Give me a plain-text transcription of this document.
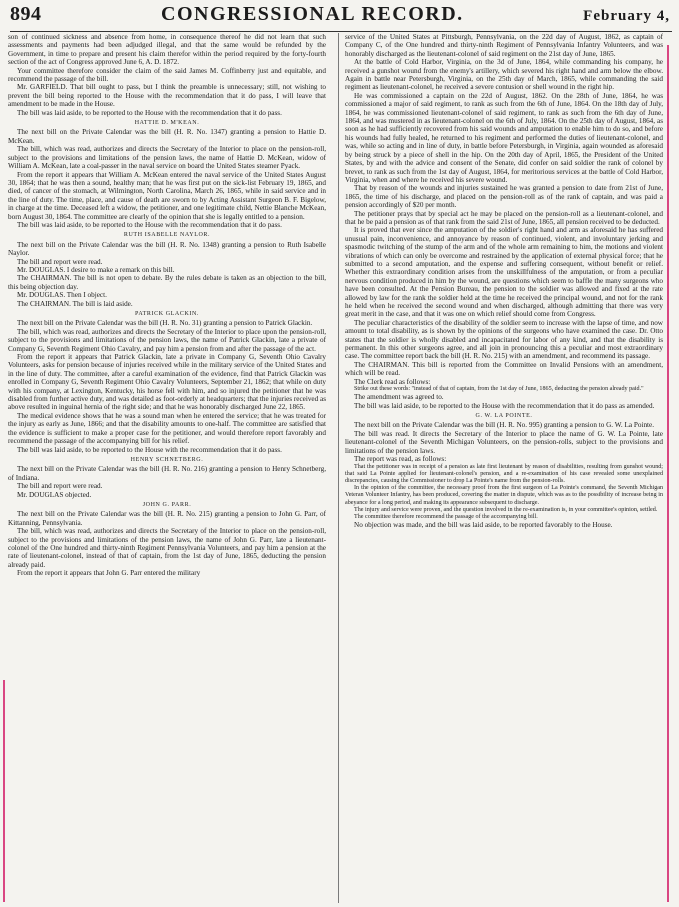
894	CONGRESSIONAL RECORD.	February 4,

son of continued sickness and absence from home, in consequence thereof he did not learn that such assessments and payments had been adjudged illegal, and that the same would be refunded by the Government, in time to prepare and present his claim therefor within the period required by the forty-fourth section of the act of Congress approved June 6, A. D. 1872.

Your committee therefore consider the claim of the said James M. Coffinberry just and equitable, and recommend the passage of the bill.

Mr. GARFIELD. That bill ought to pass, but I think the preamble is unnecessary; still, not wishing to prevent the bill being reported to the House with the recommendation that it do pass, I will leave that amendment to be made in the House.

The bill was laid aside, to be reported to the House with the recommendation that it do pass.

HATTIE D. M'KEAN.

The next bill on the Private Calendar was the bill (H. R. No. 1347) granting a pension to Hattie D. McKean.

The bill, which was read, authorizes and directs the Secretary of the Interior to place on the pension-roll, subject to the provisions and limitations of the pension laws, the name of Hattie D. McKean, widow of William A. McKean, late a coal-passer in the naval service on board the United States steamer Pyack.

From the report it appears that William A. McKean entered the naval service of the United States August 30, 1864; that he was then a sound, healthy man; that he was first put on the sick-list February 19, 1865, and died, of cancer of the stomach, at Wilmington, North Carolina, March 26, 1865, while in said service and in the line of duty. The time, place, and cause of death are sworn to by Acting Assistant Surgeon B. F. Bigelow, in charge at the time. Deceased left a widow, the petitioner, and one legitimate child, Nettie Blanche McKean, born August 30, 1864. The committee are clearly of the opinion that she is legally entitled to a pension.

The bill was laid aside, to be reported to the House with the recommendation that it do pass.

RUTH ISABELLE NAYLOR.

The next bill on the Private Calendar was the bill (H. R. No. 1348) granting a pension to Ruth Isabelle Naylor.

The bill and report were read.

Mr. DOUGLAS. I desire to make a remark on this bill.

The CHAIRMAN. The bill is not open to debate. By the rules debate is taken as an objection to the bill, this being objection day.

Mr. DOUGLAS. Then I object.

The CHAIRMAN. The bill is laid aside.

PATRICK GLACKIN.

The next bill on the Private Calendar was the bill (H. R. No. 31) granting a pension to Patrick Glackin.

The bill, which was read, authorizes and directs the Secretary of the Interior to place upon the pension-roll, subject to the provisions and limitations of the pension laws, the name of Patrick Glackin, late a private of Company G, Seventh Regiment Ohio Cavalry, and pay him a pension from and after the passage of the act.

From the report it appears that Patrick Glackin, late a private in Company G, Seventh Ohio Cavalry Volunteers, asks for pension because of injuries received while in the military service of the United States and in the line of duty. The committee, after a careful examination of the evidence, find that Patrick Glackin was enrolled in Company G, Seventh Regiment Ohio Cavalry Volunteers, September 21, 1862; that while on duty with his company, at Lexington, Kentucky, his horse fell with him, and so injured the petitioner that he was disabled from further active duty, and was detailed as foot-orderly at headquarters; that the injuries received as above resulted in inguinal hernia of the right side; and that he was honorably discharged June 22, 1865.

The medical evidence shows that he was a sound man when he entered the service; that he was treated for the injury as early as June, 1866; and that the disability amounts to one-half. The committee are satisfied that the evidence is sufficient to make a proper case for the petitioner, and would therefore report favorably and recommend the passage of the accompanying bill for his relief.

The bill was laid aside, to be reported to the House with the recommendation that it do pass.

HENRY SCHNETBERG.

The next bill on the Private Calendar was the bill (H. R. No. 216) granting a pension to Henry Schnetberg, of Indiana.

The bill and report were read.

Mr. DOUGLAS objected.

JOHN G. PARR.

The next bill on the Private Calendar was the bill (H. R. No. 215) granting a pension to John G. Parr, of Kittanning, Pennsylvania.

The bill, which was read, authorizes and directs the Secretary of the Interior to place on the pension-roll, subject to the provisions and limitations of the pension laws, the name of John G. Parr, late a lieutenant-colonel of the One hundred and thirty-ninth Regiment Pennsylvania Volunteers, and pay him a pension at the rate of lieutenant-colonel, instead of that of captain, from the 1st day of June, 1865, deducting the pension already paid.

From the report it appears that John G. Parr entered the military

service of the United States at Pittsburgh, Pennsylvania, on the 22d day of August, 1862, as captain of Company C, of the One hundred and thirty-ninth Regiment of Pennsylvania Infantry Volunteers, and was honorably discharged as the lieutenant-colonel of said regiment on the 21st day of June, 1865.

At the battle of Cold Harbor, Virginia, on the 3d of June, 1864, while commanding his company, he received a gunshot wound from the enemy's artillery, which severed his right hand and arm below the elbow. Again in battle near Petersburgh, Virginia, on the 25th day of March, 1865, while commanding the said regiment as lieutenant-colonel, he received a severe contusion or shell wound in the right hip.

He was commissioned a captain on the 22d of August, 1862. On the 28th of June, 1864, he was commissioned a major of said regiment, to rank as such from the 6th of June, 1864. On the 18th day of July, 1864, he was commissioned lieutenant-colonel of said regiment, to rank as such from the 6th day of June, 1864, and was mustered in as lieutenant-colonel on the 6th of July, 1864. On the 25th day of August, 1864, as soon as he had sufficiently recovered from his said wounds and amputation to enable him to do so, and before his wounds had fully healed, he returned to his regiment and performed the duties of lieutenant-colonel, and was, while so acting and in line of duty, in battle before Petersburgh, in Virginia, again wounded as aforesaid by being struck by a piece of shell in the hip. On the 20th day of April, 1865, the President of the United States, by and with the advice and consent of the Senate, did confer on said soldier the rank of colonel by brevet, to rank as such from the 1st day of August, 1864, for meritorious services at the battle of Cold Harbor, Virginia, when and where he received his severe wound.

That by reason of the wounds and injuries sustained he was granted a pension to date from 21st of June, 1865, the time of his discharge, and placed on the pension-roll as of the rank of captain, and was paid a pension accordingly of $20 per month.

The petitioner prays that by special act he may be placed on the pension-roll as a lieutenant-colonel, and that he be paid a pension as of that rank from the said 21st of June, 1865, all pension received to be deducted.

It is proved that ever since the amputation of the soldier's right hand and arm as aforesaid he has suffered unusual pain, inconvenience, and annoyance by reason of continued, violent, and involuntary jerking and spasmodic twitching of the stump of the arm and of the whole arm remaining to him, the motions and violent vibrations of which can only be overcome and restrained by the application of external physical force; that he submitted to a second amputation, and the expense and suffering consequent, without benefit or relief. Whether this extraordinary condition arises from the unskillfulness of the amputation, or from a peculiar nervous condition produced in him by the wound, are questions which seem to baffle the many surgeons who have been consulted. At the Pension Bureau, the pension to the soldier was allowed and fixed at the rate allowed by law for the rank the soldier held at the time he received the principal wound, and not for the rank he held when he received the second wound and when discharged, although admitting that there was very great merit in the case, and that it was one on which relief should come from Congress.

The peculiar characteristics of the disability of the soldier seem to increase with the lapse of time, and now amount to total disability, as is shown by the opinions of the surgeons who have examined the case. Dr. Otto states that the soldier is wholly disabled and incapacitated for labor of any kind, and that the disability is permanent. In this other surgeons agree, and all join in pronouncing this a peculiar and most extraordinary case. The committee report back the bill (H. R. No. 215) with an amendment, and recommend its passage.

The CHAIRMAN. This bill is reported from the Committee on Invalid Pensions with an amendment, which will be read.

The Clerk read as follows:

Strike out these words: "instead of that of captain, from the 1st day of June, 1865, deducting the pension already paid."

The amendment was agreed to.

The bill was laid aside, to be reported to the House with the recommendation that it do pass as amended.

G. W. LA POINTE.

The next bill on the Private Calendar was the bill (H. R. No. 995) granting a pension to G. W. La Pointe.

The bill was read. It directs the Secretary of the Interior to place the name of G. W. La Pointe, late lieutenant-colonel of the Seventh Michigan Volunteers, on the pension-rolls, subject to the provisions and limitations of the pension laws.

The report was read, as follows:

That the petitioner was in receipt of a pension as late first lieutenant by reason of disabilities, resulting from gunshot wound; that said La Pointe applied for lieutenant-colonel's pension, and a re-examination of his case revealed some unexplained discrepancies, causing the Commissioner to drop La Pointe's name from the pension-rolls.

In the opinion of the committee, the necessary proof from the first surgeon of La Pointe's command, the Seventh Michigan Veteran Volunteer Infantry, has been produced, covering the matter in dispute, which was as to the possibility of increase being in abeyance for a long period, and making its appearance subsequent to discharge.

The injury and service were proven, and the question involved in the re-examination is, in your committee's opinion, settled.

The committee therefore recommend the passage of the accompanying bill.

No objection was made, and the bill was laid aside, to be reported favorably to the House.
